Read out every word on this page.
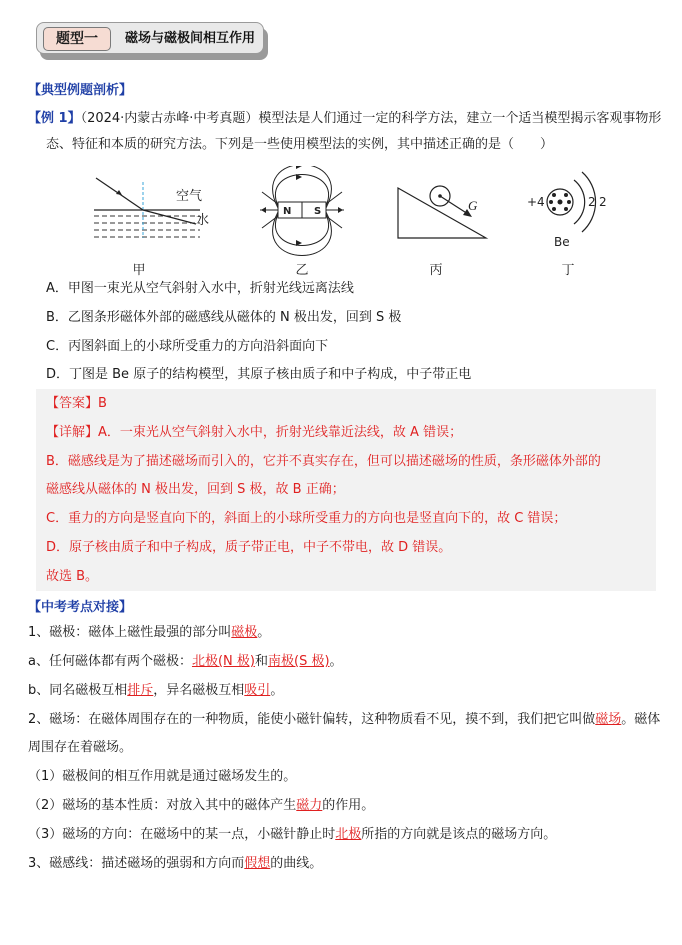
题型一	磁场与磁极间相互作用
【典型例题剖析】
【例 1】（2024·内蒙古赤峰·中考真题）模型法是人们通过一定的科学方法，建立一个适当模型揭示客观事物形
态、特征和本质的研究方法。下列是一些使用模型法的实例，其中描述正确的是（　　）
空气
水
N S	G	+4	2 2
Be
甲	乙	丙	丁
A．甲图一束光从空气斜射入水中，折射光线远离法线
B．乙图条形磁体外部的磁感线从磁体的 N 极出发，回到 S 极
C．丙图斜面上的小球所受重力的方向沿斜面向下
D．丁图是 Be 原子的结构模型，其原子核由质子和中子构成，中子带正电
【答案】B
【详解】A．一束光从空气斜射入水中，折射光线靠近法线，故 A 错误；
B．磁感线是为了描述磁场而引入的，它并不真实存在，但可以描述磁场的性质，条形磁体外部的
磁感线从磁体的 N 极出发，回到 S 极，故 B 正确；
C．重力的方向是竖直向下的，斜面上的小球所受重力的方向也是竖直向下的，故 C 错误；
D．原子核由质子和中子构成，质子带正电，中子不带电，故 D 错误。
故选 B。
【中考考点对接】
1、磁极：磁体上磁性最强的部分叫磁极。
a、任何磁体都有两个磁极：北极(N 极)和南极(S 极)。
b、同名磁极互相排斥，异名磁极互相吸引。
2、磁场：在磁体周围存在的一种物质，能使小磁针偏转，这种物质看不见，摸不到，我们把它叫做磁场。磁体
周围存在着磁场。
（1）磁极间的相互作用就是通过磁场发生的。
（2）磁场的基本性质：对放入其中的磁体产生磁力的作用。
（3）磁场的方向：在磁场中的某一点，小磁针静止时北极所指的方向就是该点的磁场方向。
3、磁感线：描述磁场的强弱和方向而假想的曲线。
